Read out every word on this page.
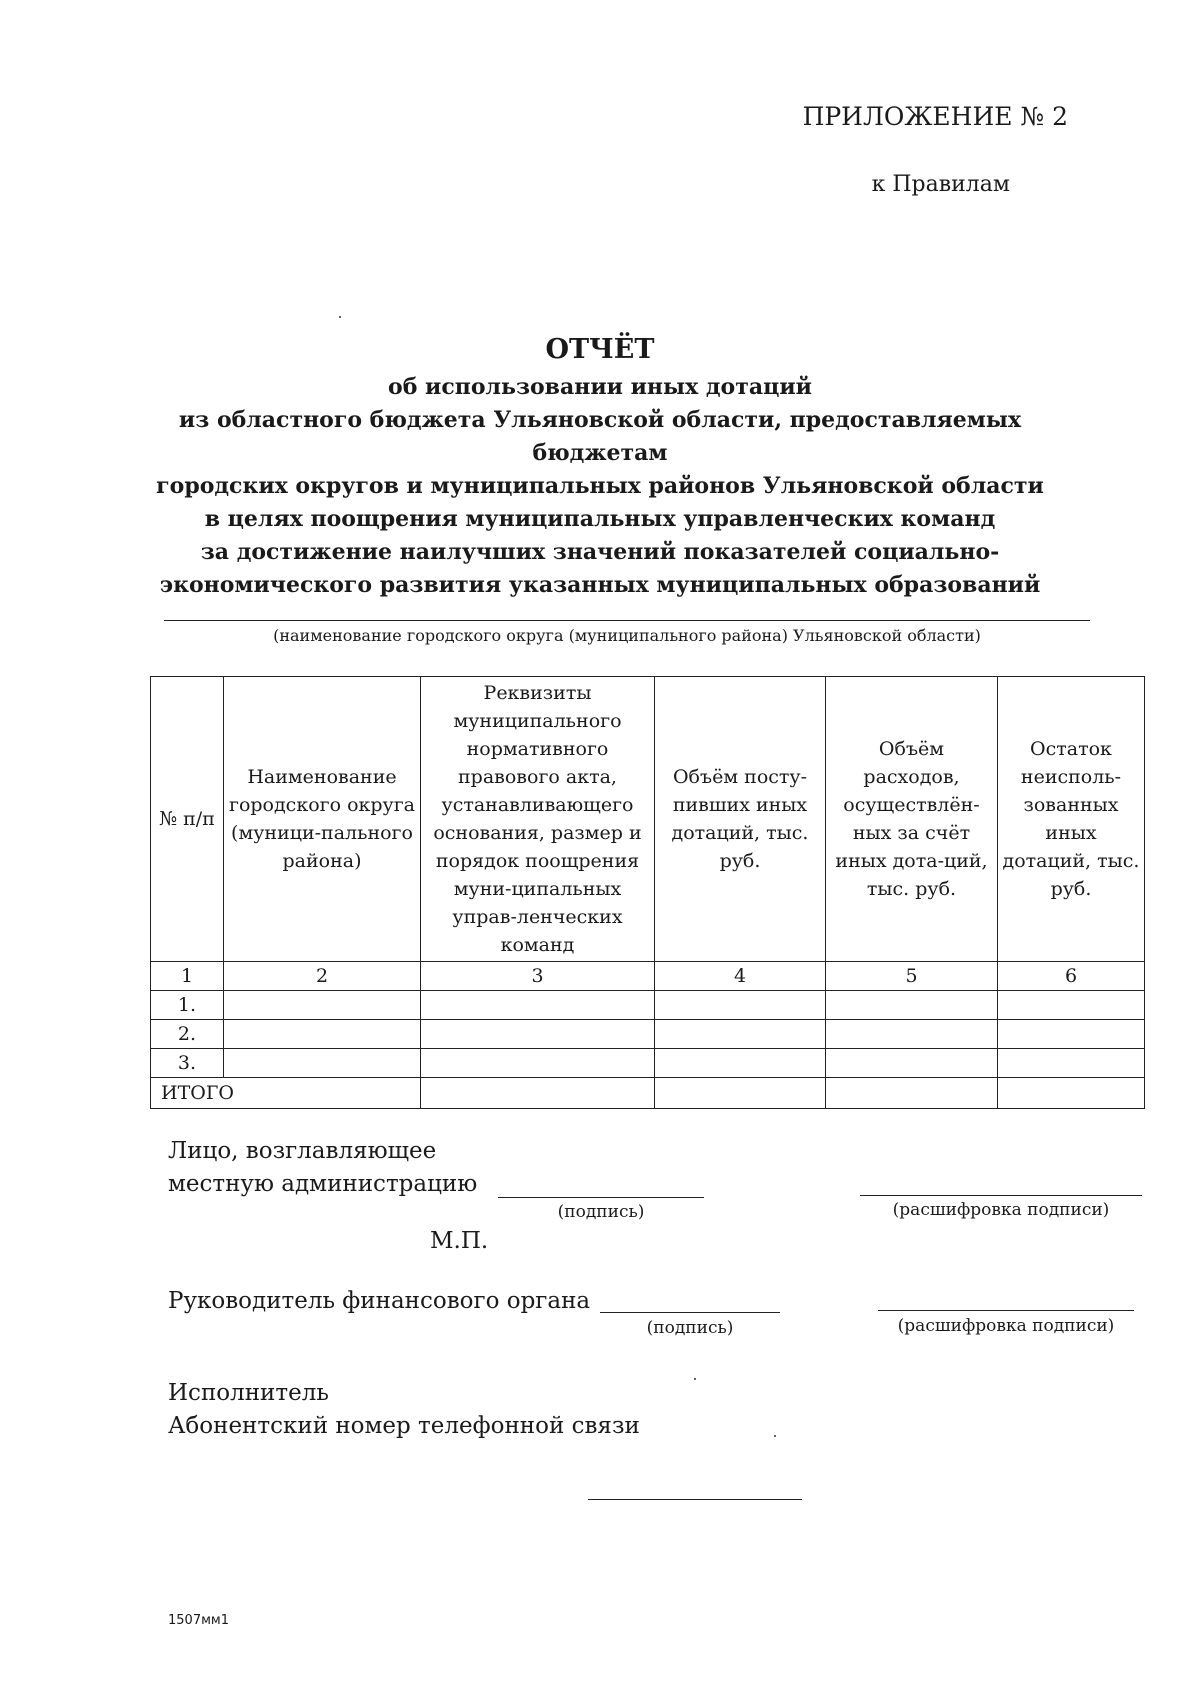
ПРИЛОЖЕНИЕ № 2
к Правилам
ОТЧЁТ
об использовании иных дотаций
из областного бюджета Ульяновской области, предоставляемых бюджетам
городских округов и муниципальных районов Ульяновской области
в целях поощрения муниципальных управленческих команд
за достижение наилучших значений показателей социально-
экономического развития указанных муниципальных образований
(наименование городского округа (муниципального района) Ульяновской области)
№ п/п	Наименование городского округа (муници-пального района)	Реквизиты муниципального нормативного правового акта, устанавливающего основания, размер и порядок поощрения муни-ципальных управ-ленческих команд	Объём посту-пивших иных дотаций, тыс. руб.	Объём расходов, осуществлён-ных за счёт иных дота-ций, тыс. руб.	Остаток неисполь-зованных иных дотаций, тыс. руб.
1	2	3	4	5	6
1.					
2.					
3.					
ИТОГО					
Лицо, возглавляющее
местную администрацию
(подпись)	(расшифровка подписи)
М.П.
Руководитель финансового органа
(подпись)	(расшифровка подписи)
Исполнитель
Абонентский номер телефонной связи
1507мм1
